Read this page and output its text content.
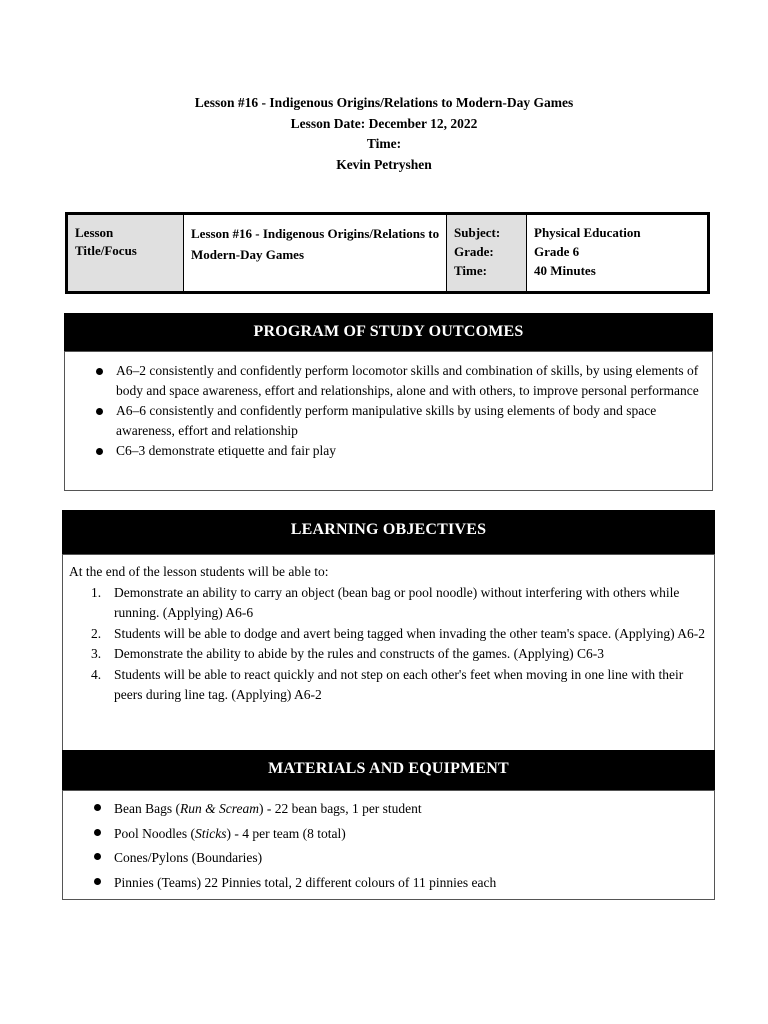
Lesson #16 - Indigenous Origins/Relations to Modern-Day Games
Lesson Date: December 12, 2022
Time:
Kevin Petryshen
Lesson Title/Focus
Lesson #16 - Indigenous Origins/Relations to Modern-Day Games
Subject:
Grade:
Time:
Physical Education
Grade 6
40 Minutes
PROGRAM OF STUDY OUTCOMES
A6–2 consistently and confidently perform locomotor skills and combination of skills, by using elements of body and space awareness, effort and relationships, alone and with others, to improve personal performance
A6–6 consistently and confidently perform manipulative skills by using elements of body and space awareness, effort and relationship
C6–3 demonstrate etiquette and fair play
LEARNING OBJECTIVES
At the end of the lesson students will be able to:
1. Demonstrate an ability to carry an object (bean bag or pool noodle) without interfering with others while running. (Applying) A6-6
2. Students will be able to dodge and avert being tagged when invading the other team's space. (Applying) A6-2
3. Demonstrate the ability to abide by the rules and constructs of the games. (Applying) C6-3
4. Students will be able to react quickly and not step on each other's feet when moving in one line with their peers during line tag. (Applying) A6-2
MATERIALS AND EQUIPMENT
Bean Bags (Run & Scream) - 22 bean bags, 1 per student
Pool Noodles (Sticks) - 4 per team (8 total)
Cones/Pylons (Boundaries)
Pinnies (Teams) 22 Pinnies total, 2 different colours of 11 pinnies each
